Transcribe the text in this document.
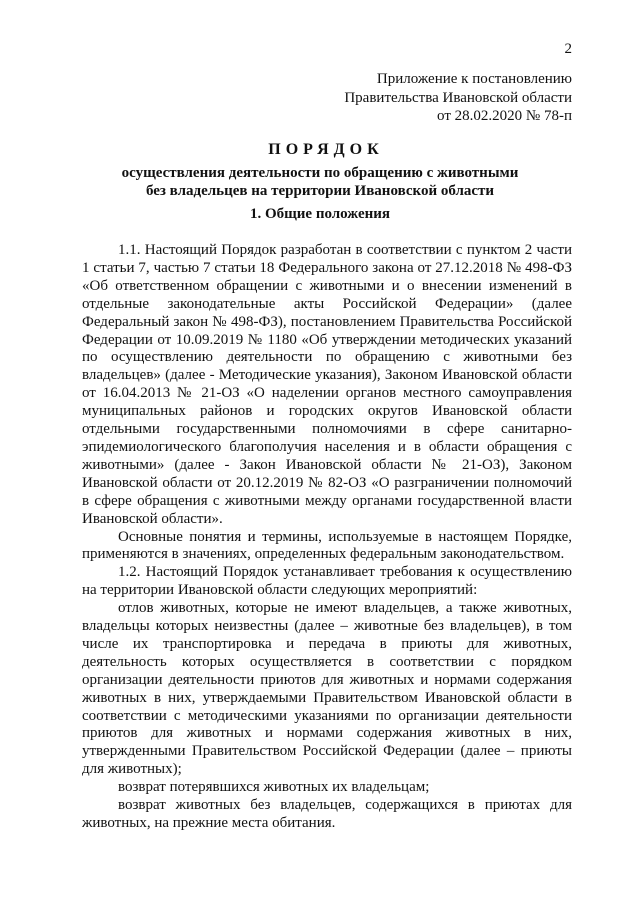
2
Приложение к постановлению
Правительства Ивановской области
от 28.02.2020 № 78-п
ПОРЯДОК
осуществления деятельности по обращению с животными
без владельцев на территории Ивановской области
1. Общие положения

1.1. Настоящий Порядок разработан в соответствии с пунктом 2 части 1 статьи 7, частью 7 статьи 18 Федерального закона от 27.12.2018 № 498-ФЗ «Об ответственном обращении с животными и о внесении изменений в отдельные законодательные акты Российской Федерации» (далее Федеральный закон № 498-ФЗ), постановлением Правительства Российской Федерации от 10.09.2019 № 1180 «Об утверждении методических указаний по осуществлению деятельности по обращению с животными без владельцев» (далее - Методические указания), Законом Ивановской области от 16.04.2013 № 21-ОЗ «О наделении органов местного самоуправления муниципальных районов и городских округов Ивановской области отдельными государственными полномочиями в сфере санитарно-эпидемиологического благополучия населения и в области обращения с животными» (далее - Закон Ивановской области № 21-ОЗ), Законом Ивановской области от 20.12.2019 № 82-ОЗ «О разграничении полномочий в сфере обращения с животными между органами государственной власти Ивановской области».

Основные понятия и термины, используемые в настоящем Порядке, применяются в значениях, определенных федеральным законодательством.

1.2. Настоящий Порядок устанавливает требования к осуществлению на территории Ивановской области следующих мероприятий:

отлов животных, которые не имеют владельцев, а также животных, владельцы которых неизвестны (далее – животные без владельцев), в том числе их транспортировка и передача в приюты для животных, деятельность которых осуществляется в соответствии с порядком организации деятельности приютов для животных и нормами содержания животных в них, утверждаемыми Правительством Ивановской области в соответствии с методическими указаниями по организации деятельности приютов для животных и нормами содержания животных в них, утвержденными Правительством Российской Федерации (далее – приюты для животных);

возврат потерявшихся животных их владельцам;

возврат животных без владельцев, содержащихся в приютах для животных, на прежние места обитания.
